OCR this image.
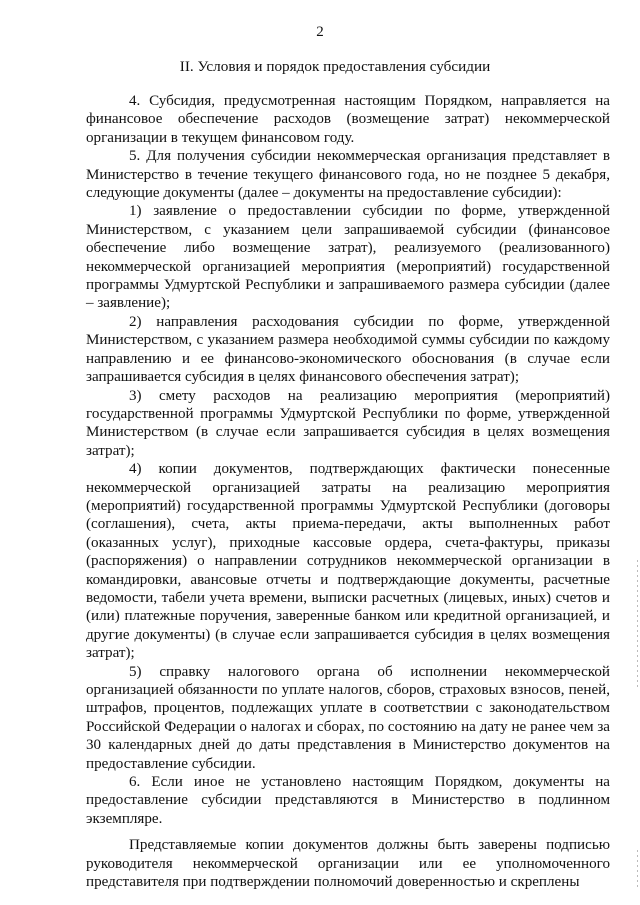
2
II. Условия и порядок предоставления субсидии

4. Субсидия, предусмотренная настоящим Порядком, направляется на финансовое обеспечение расходов (возмещение затрат) некоммерческой организации в текущем финансовом году.

5. Для получения субсидии некоммерческая организация представляет в Министерство в течение текущего финансового года, но не позднее 5 декабря, следующие документы (далее – документы на предоставление субсидии):

1) заявление о предоставлении субсидии по форме, утвержденной Министерством, с указанием цели запрашиваемой субсидии (финансовое обеспечение либо возмещение затрат), реализуемого (реализованного) некоммерческой организацией мероприятия (мероприятий) государственной программы Удмуртской Республики и запрашиваемого размера субсидии (далее – заявление);

2) направления расходования субсидии по форме, утвержденной Министерством, с указанием размера необходимой суммы субсидии по каждому направлению и ее финансово-экономического обоснования (в случае если запрашивается субсидия в целях финансового обеспечения затрат);

3) смету расходов на реализацию мероприятия (мероприятий) государственной программы Удмуртской Республики по форме, утвержденной Министерством (в случае если запрашивается субсидия в целях возмещения затрат);

4) копии документов, подтверждающих фактически понесенные некоммерческой организацией затраты на реализацию мероприятия (мероприятий) государственной программы Удмуртской Республики (договоры (соглашения), счета, акты приема-передачи, акты выполненных работ (оказанных услуг), приходные кассовые ордера, счета-фактуры, приказы (распоряжения) о направлении сотрудников некоммерческой организации в командировки, авансовые отчеты и подтверждающие документы, расчетные ведомости, табели учета времени, выписки расчетных (лицевых, иных) счетов и (или) платежные поручения, заверенные банком или кредитной организацией, и другие документы) (в случае если запрашивается субсидия в целях возмещения затрат);

5) справку налогового органа об исполнении некоммерческой организацией обязанности по уплате налогов, сборов, страховых взносов, пеней, штрафов, процентов, подлежащих уплате в соответствии с законодательством Российской Федерации о налогах и сборах, по состоянию на дату не ранее чем за 30 календарных дней до даты представления в Министерство документов на предоставление субсидии.

6. Если иное не установлено настоящим Порядком, документы на предоставление субсидии представляются в Министерство в подлинном экземпляре.

Представляемые копии документов должны быть заверены подписью руководителя некоммерческой организации или ее уполномоченного представителя при подтверждении полномочий доверенностью и скреплены
